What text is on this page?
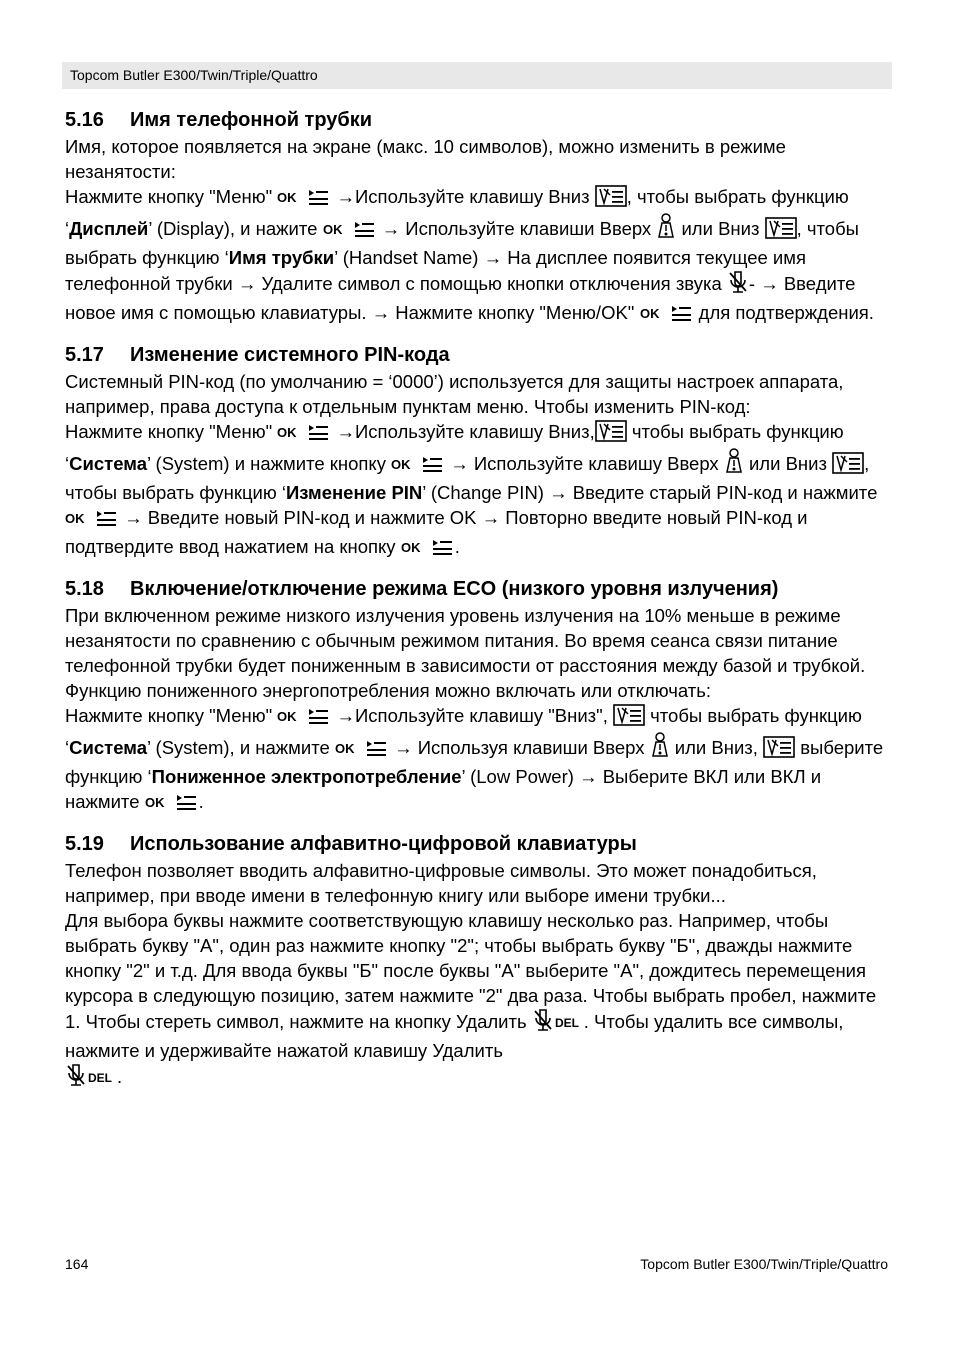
Topcom Butler E300/Twin/Triple/Quattro
5.16 Имя телефонной трубки

Имя, которое появляется на экране (макс. 10 символов), можно изменить в режиме незанятости:

Нажмите кнопку "Меню" OK →Используйте клавишу Вниз , чтобы выбрать функцию ‘Дисплей’ (Display), и нажите OK → Используйте клавиши Вверх  или Вниз , чтобы выбрать функцию ‘Имя трубки’ (Handset Name) → На дисплее появится текущее имя телефонной трубки → Удалите символ с помощью кнопки отключения звука - → Введите новое имя с помощью клавиатуры. → Нажмите кнопку "Меню/OK" OK для подтверждения.

5.17 Изменение системного PIN-кода

Системный PIN-код (по умолчанию = ‘0000’) используется для защиты настроек аппарата, например, права доступа к отдельным пунктам меню. Чтобы изменить PIN-код:

Нажмите кнопку "Меню" OK →Используйте клавишу Вниз, чтобы выбрать функцию ‘Система’ (System) и нажмите кнопку OK → Используйте клавишу Вверх  или Вниз , чтобы выбрать функцию ‘Изменение PIN’ (Change PIN) → Введите старый PIN-код и нажмите
OK → Введите новый PIN-код и нажмите OK → Повторно введите новый PIN-код и подтвердите ввод нажатием на кнопку OK .

5.18 Включение/отключение режима ECO (низкого уровня излучения)

При включенном режиме низкого излучения уровень излучения на 10% меньше в режиме незанятости по сравнению с обычным режимом питания. Во время сеанса связи питание телефонной трубки будет пониженным в зависимости от расстояния между базой и трубкой.

Функцию пониженного энергопотребления можно включать или отключать:

Нажмите кнопку "Меню" OK →Используйте клавишу "Вниз",  чтобы выбрать функцию ‘Система’ (System), и нажмите OK → Используя клавиши Вверх  или Вниз,  выберите функцию ‘Пониженное электропотребление’ (Low Power) → Выберите ВКЛ или ВКЛ и нажмите OK .

5.19 Использование алфавитно-цифровой клавиатуры

Телефон позволяет вводить алфавитно-цифровые символы. Это может понадобиться, например, при вводе имени в телефонную книгу или выборе имени трубки...

Для выбора буквы нажмите соответствующую клавишу несколько раз. Например, чтобы выбрать букву "А", один раз нажмите кнопку "2"; чтобы выбрать букву "Б", дважды нажмите кнопку "2" и т.д. Для ввода буквы "Б" после буквы "А" выберите "А", дождитесь перемещения курсора в следующую позицию, затем нажмите "2" два раза. Чтобы выбрать пробел, нажмите 1. Чтобы стереть символ, нажмите на кнопку Удалить DEL . Чтобы удалить все символы, нажмите и удерживайте нажатой клавишу Удалить

DEL .

164	Topcom Butler E300/Twin/Triple/Quattro
